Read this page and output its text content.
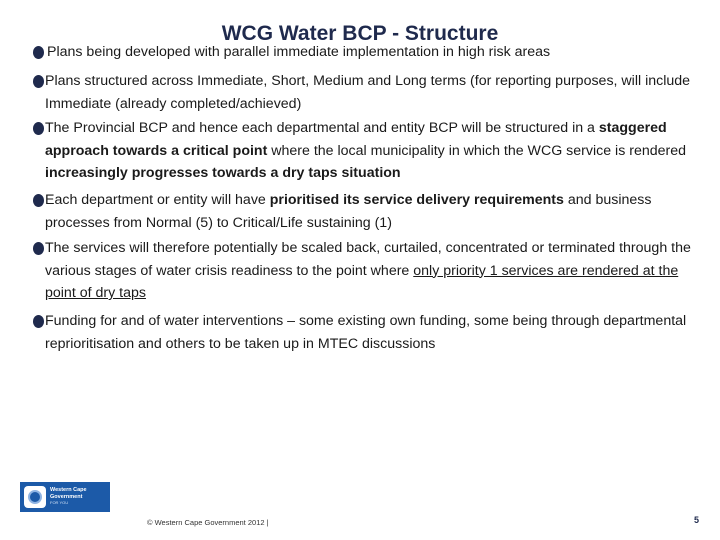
WCG Water BCP - Structure
Plans being developed with parallel immediate implementation in high risk areas
Plans structured across Immediate, Short, Medium and Long terms (for reporting purposes, will include Immediate (already completed/achieved)
The Provincial BCP and hence each departmental and entity BCP will be structured in a staggered approach towards a critical point where the local municipality in which the WCG service is rendered increasingly progresses towards a dry taps situation
Each department or entity will have prioritised its service delivery requirements and business processes from Normal (5) to Critical/Life sustaining (1)
The services will therefore potentially be scaled back, curtailed, concentrated or terminated through the various stages of water crisis readiness to the point where only priority 1 services are rendered at the point of dry taps
Funding for and of water interventions – some existing own funding, some being through departmental reprioritisation and others to be taken up in MTEC discussions
Western Cape
Government
FOR YOU
© Western Cape Government 2012 |	5
